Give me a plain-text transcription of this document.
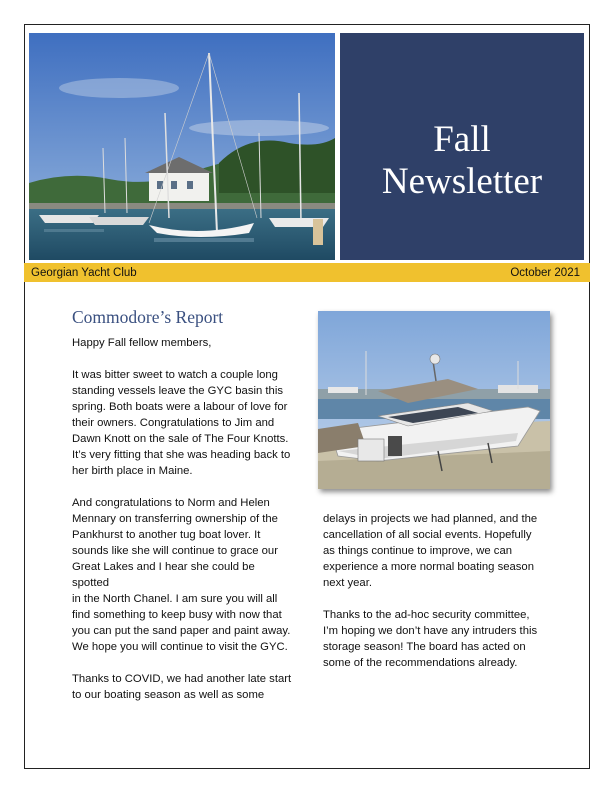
Fall
Newsletter
Georgian Yacht Club	October 2021
Commodore’s Report

Happy Fall fellow members,

It was bitter sweet to watch a couple long
standing vessels leave the GYC basin this
spring. Both boats were a labour of love for
their owners. Congratulations to Jim and
Dawn Knott on the sale of The Four Knotts.
It’s very fitting that she was heading back to
her birth place in Maine.

And congratulations to Norm and Helen
Mennary on transferring ownership of the
Pankhurst to another tug boat lover. It
sounds like she will continue to grace our
Great Lakes and I hear she could be spotted
in the North Chanel. I am sure you will all
find something to keep busy with now that
you can put the sand paper and paint away.
We hope you will continue to visit the GYC.

Thanks to COVID, we had another late start
to our boating season as well as some

delays in projects we had planned, and the
cancellation of all social events. Hopefully
as things continue to improve, we can
experience a more normal boating season
next year.

Thanks to the ad-hoc security committee,
I’m hoping we don’t have any intruders this
storage season! The board has acted on
some of the recommendations already.
